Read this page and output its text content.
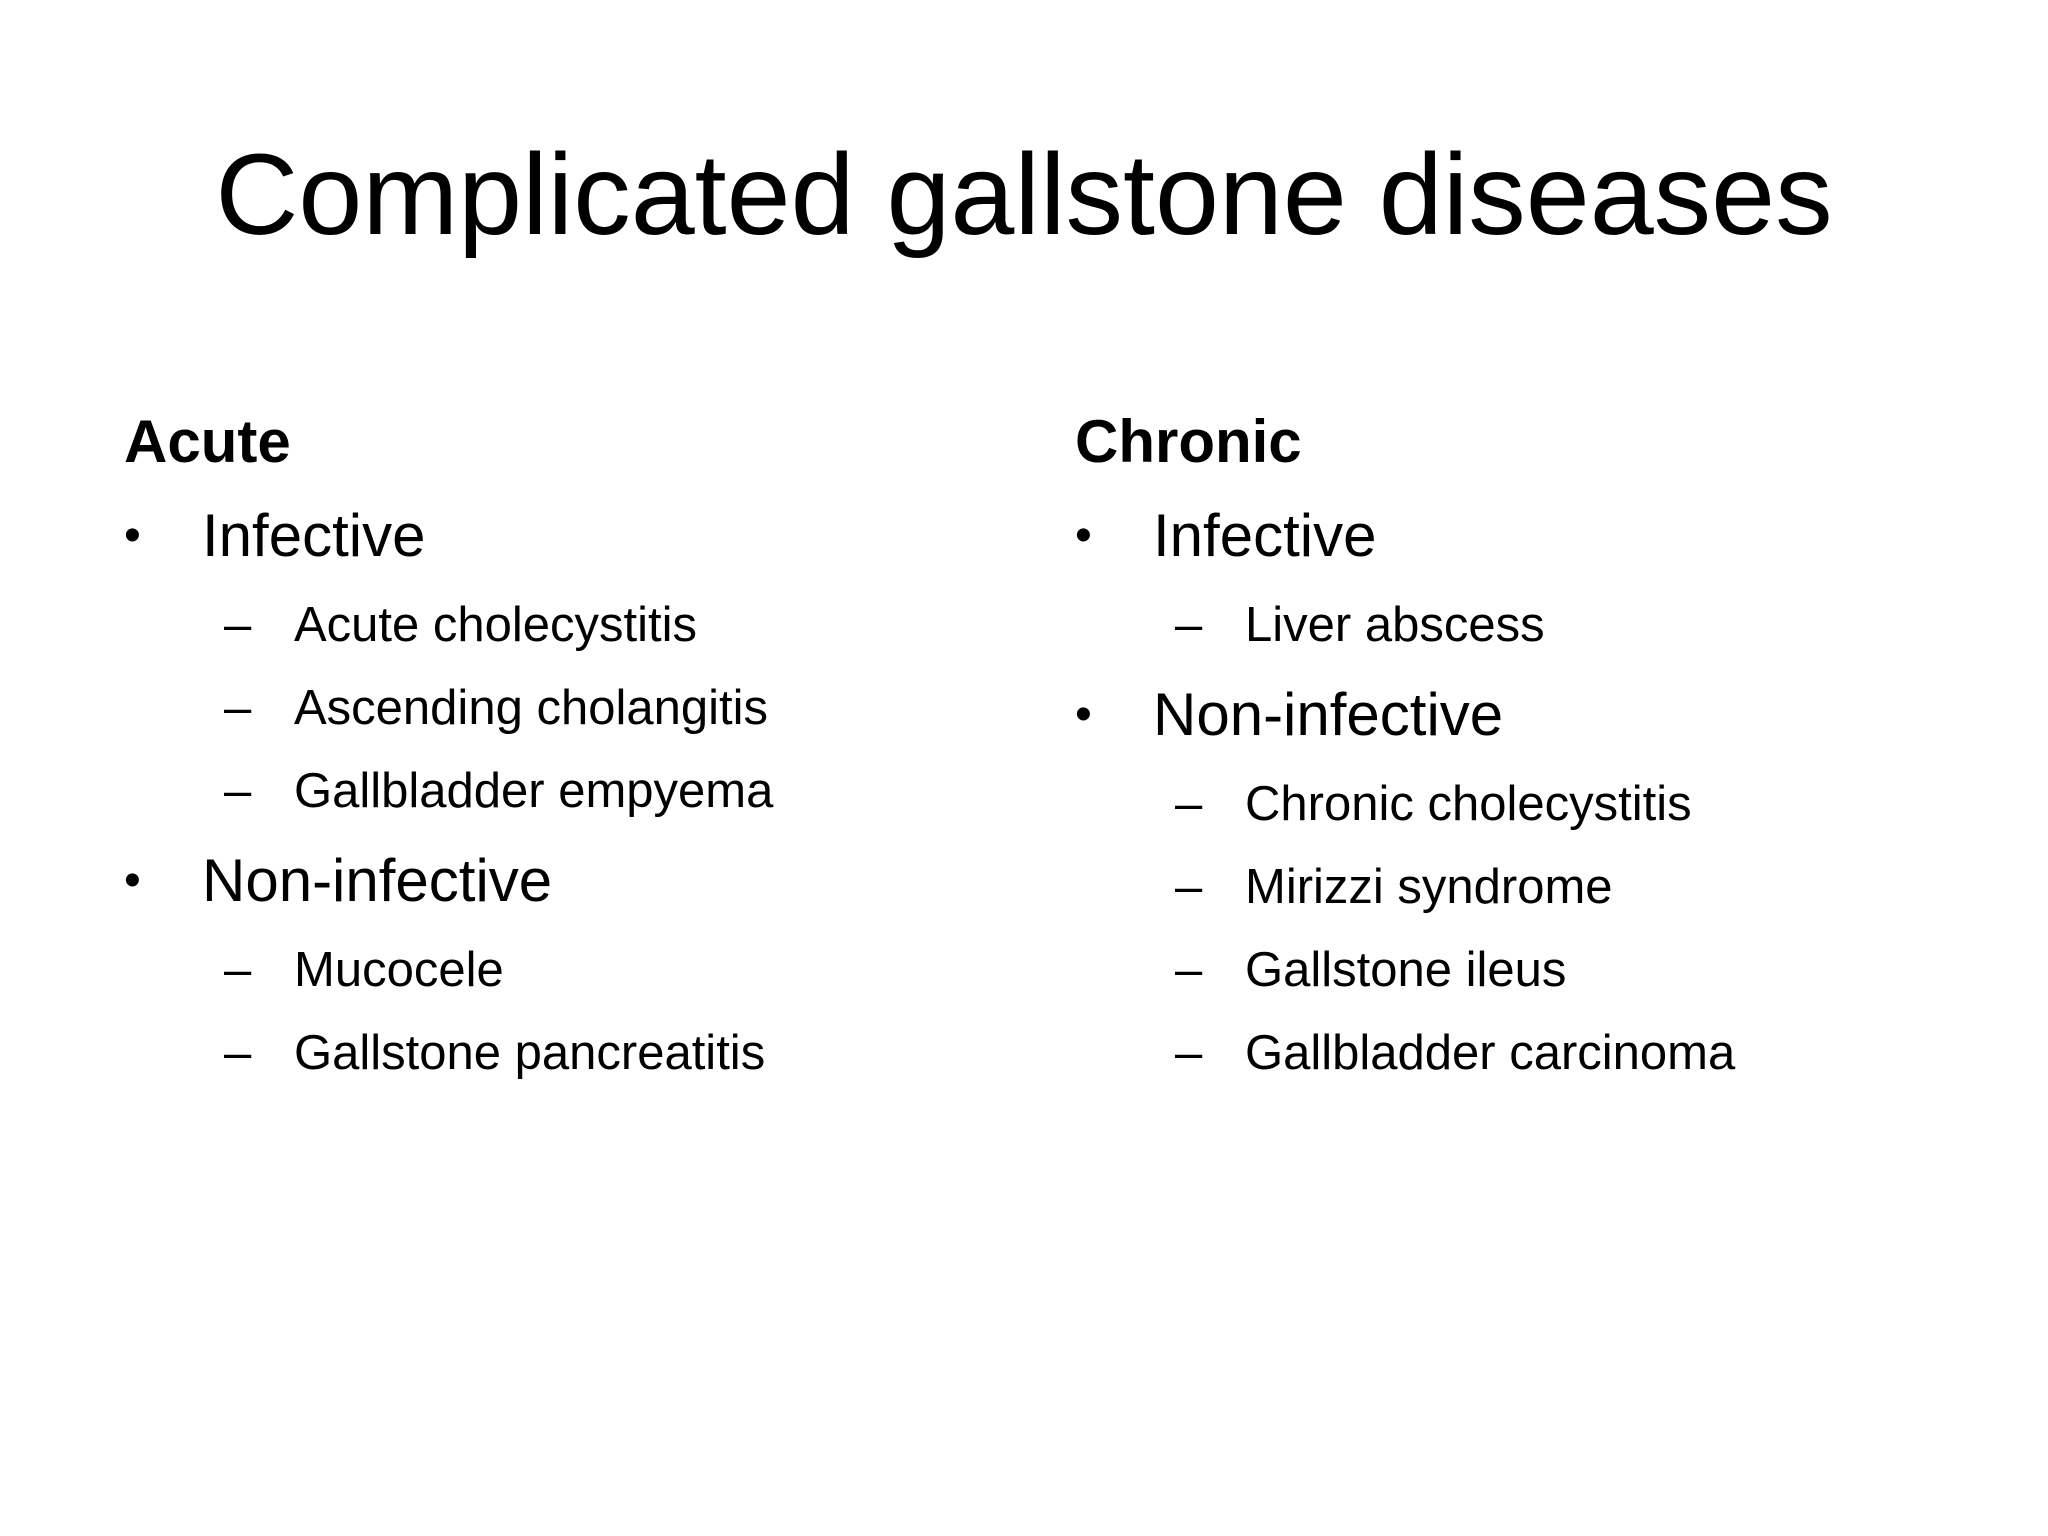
Complicated gallstone diseases
Acute
• Infective
– Acute cholecystitis
– Ascending cholangitis
– Gallbladder empyema
• Non-infective
– Mucocele
– Gallstone pancreatitis
Chronic
• Infective
– Liver abscess
• Non-infective
– Chronic cholecystitis
– Mirizzi syndrome
– Gallstone ileus
– Gallbladder carcinoma
